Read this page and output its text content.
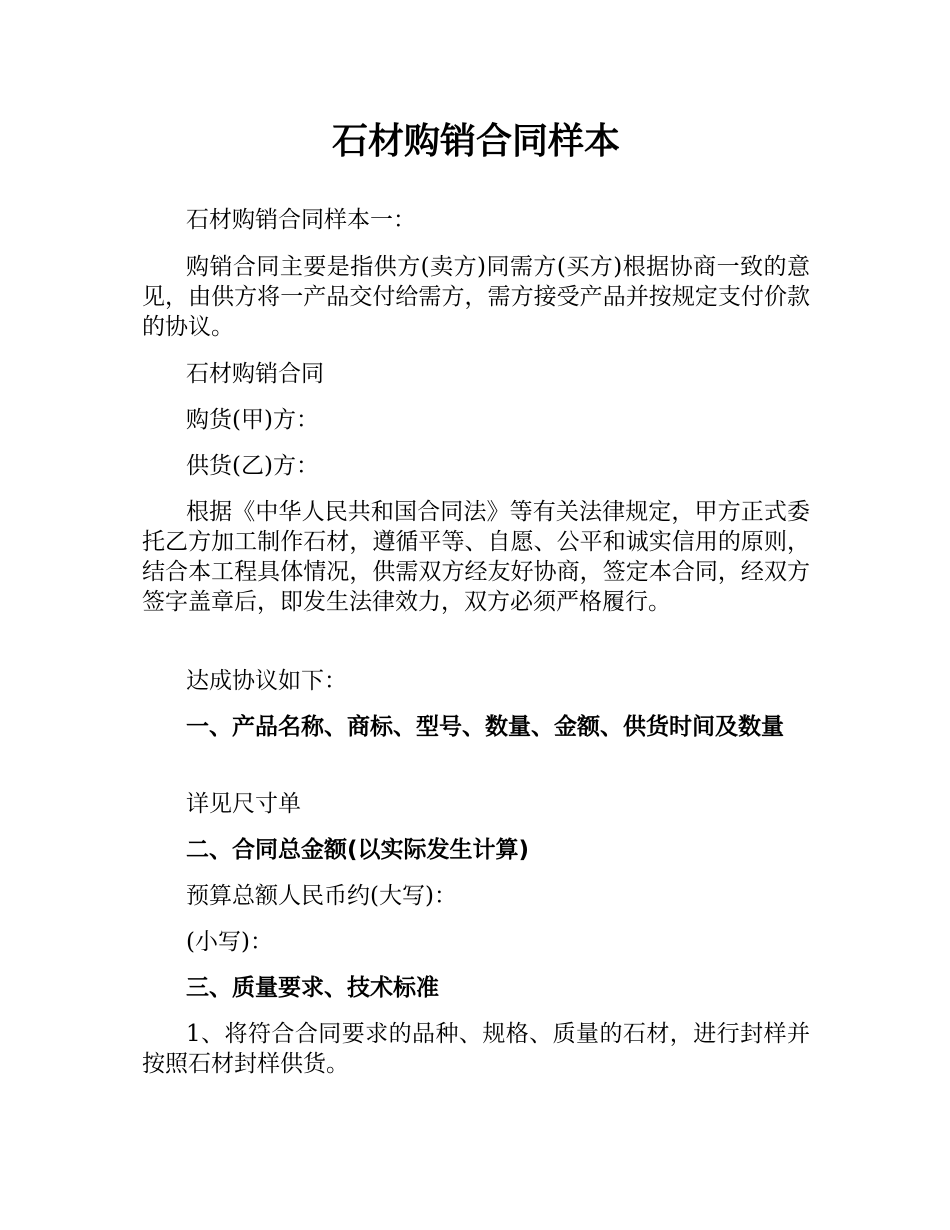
石材购销合同样本

石材购销合同样本一：

购销合同主要是指供方(卖方)同需方(买方)根据协商一致的意见，由供方将一产品交付给需方，需方接受产品并按规定支付价款的协议。

石材购销合同

购货(甲)方：

供货(乙)方：

根据《中华人民共和国合同法》等有关法律规定，甲方正式委托乙方加工制作石材，遵循平等、自愿、公平和诚实信用的原则，结合本工程具体情况，供需双方经友好协商，签定本合同，经双方签字盖章后，即发生法律效力，双方必须严格履行。

达成协议如下：

一、产品名称、商标、型号、数量、金额、供货时间及数量

详见尺寸单

二、合同总金额(以实际发生计算)

预算总额人民币约(大写)：

(小写)：

三、质量要求、技术标准

1、将符合合同要求的品种、规格、质量的石材，进行封样并按照石材封样供货。
